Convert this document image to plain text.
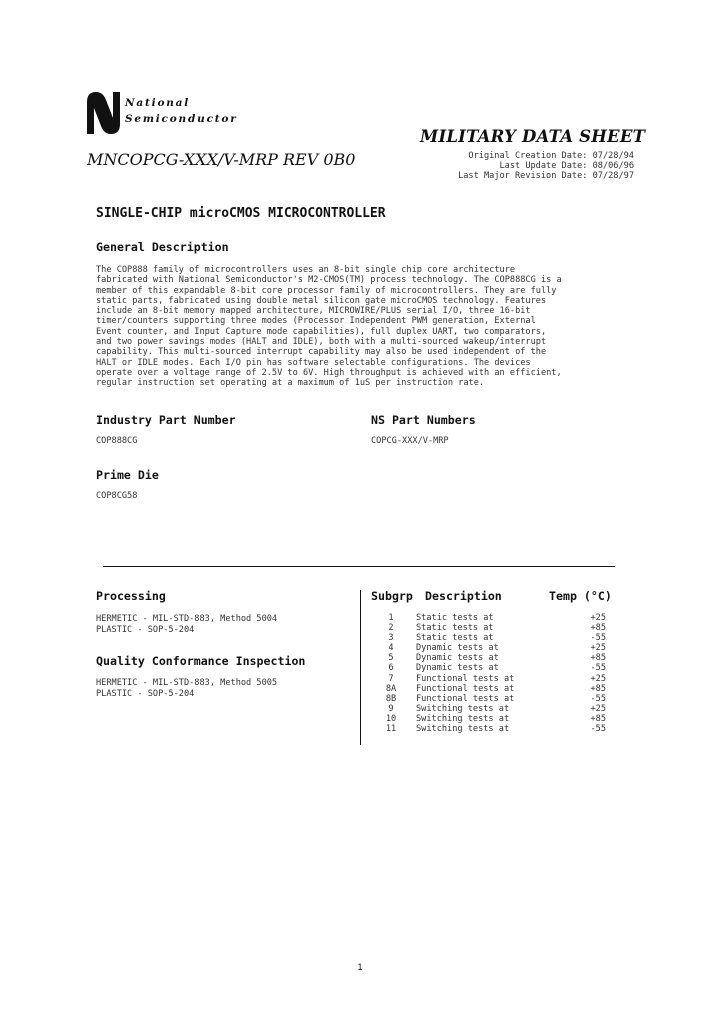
National
Semiconductor
MILITARY DATA SHEET
MNCOPCG-XXX/V-MRP REV 0B0	Original Creation Date: 07/28/94
Last Update Date: 08/06/96
Last Major Revision Date: 07/28/97
SINGLE-CHIP microCMOS MICROCONTROLLER
General Description
The COP888 family of microcontrollers uses an 8-bit single chip core architecture
fabricated with National Semiconductor's M2-CMOS(TM) process technology. The COP888CG is a
member of this expandable 8-bit core processor family of microcontrollers. They are fully
static parts, fabricated using double metal silicon gate microCMOS technology. Features
include an 8-bit memory mapped architecture, MICROWIRE/PLUS serial I/O, three 16-bit
timer/counters supporting three modes (Processor Independent PWM generation, External
Event counter, and Input Capture mode capabilities), full duplex UART, two comparators,
and two power savings modes (HALT and IDLE), both with a multi-sourced wakeup/interrupt
capability. This multi-sourced interrupt capability may also be used independent of the
HALT or IDLE modes. Each I/O pin has software selectable configurations. The devices
operate over a voltage range of 2.5V to 6V. High throughput is achieved with an efficient,
regular instruction set operating at a maximum of 1uS per instruction rate.
Industry Part Number
COP888CG
NS Part Numbers
COPCG-XXX/V-MRP
Prime Die
COP8CG58
Processing
HERMETIC - MIL-STD-883, Method 5004
PLASTIC - SOP-5-204
Quality Conformance Inspection
HERMETIC - MIL-STD-883, Method 5005
PLASTIC - SOP-5-204
Subgrp Description	Temp (°C)
1	Static tests at	+25
2	Static tests at	+85
3	Static tests at	-55
4	Dynamic tests at	+25
5	Dynamic tests at	+85
6	Dynamic tests at	-55
7	Functional tests at	+25
8A	Functional tests at	+85
8B	Functional tests at	-55
9	Switching tests at	+25
10	Switching tests at	+85
11	Switching tests at	-55
1
